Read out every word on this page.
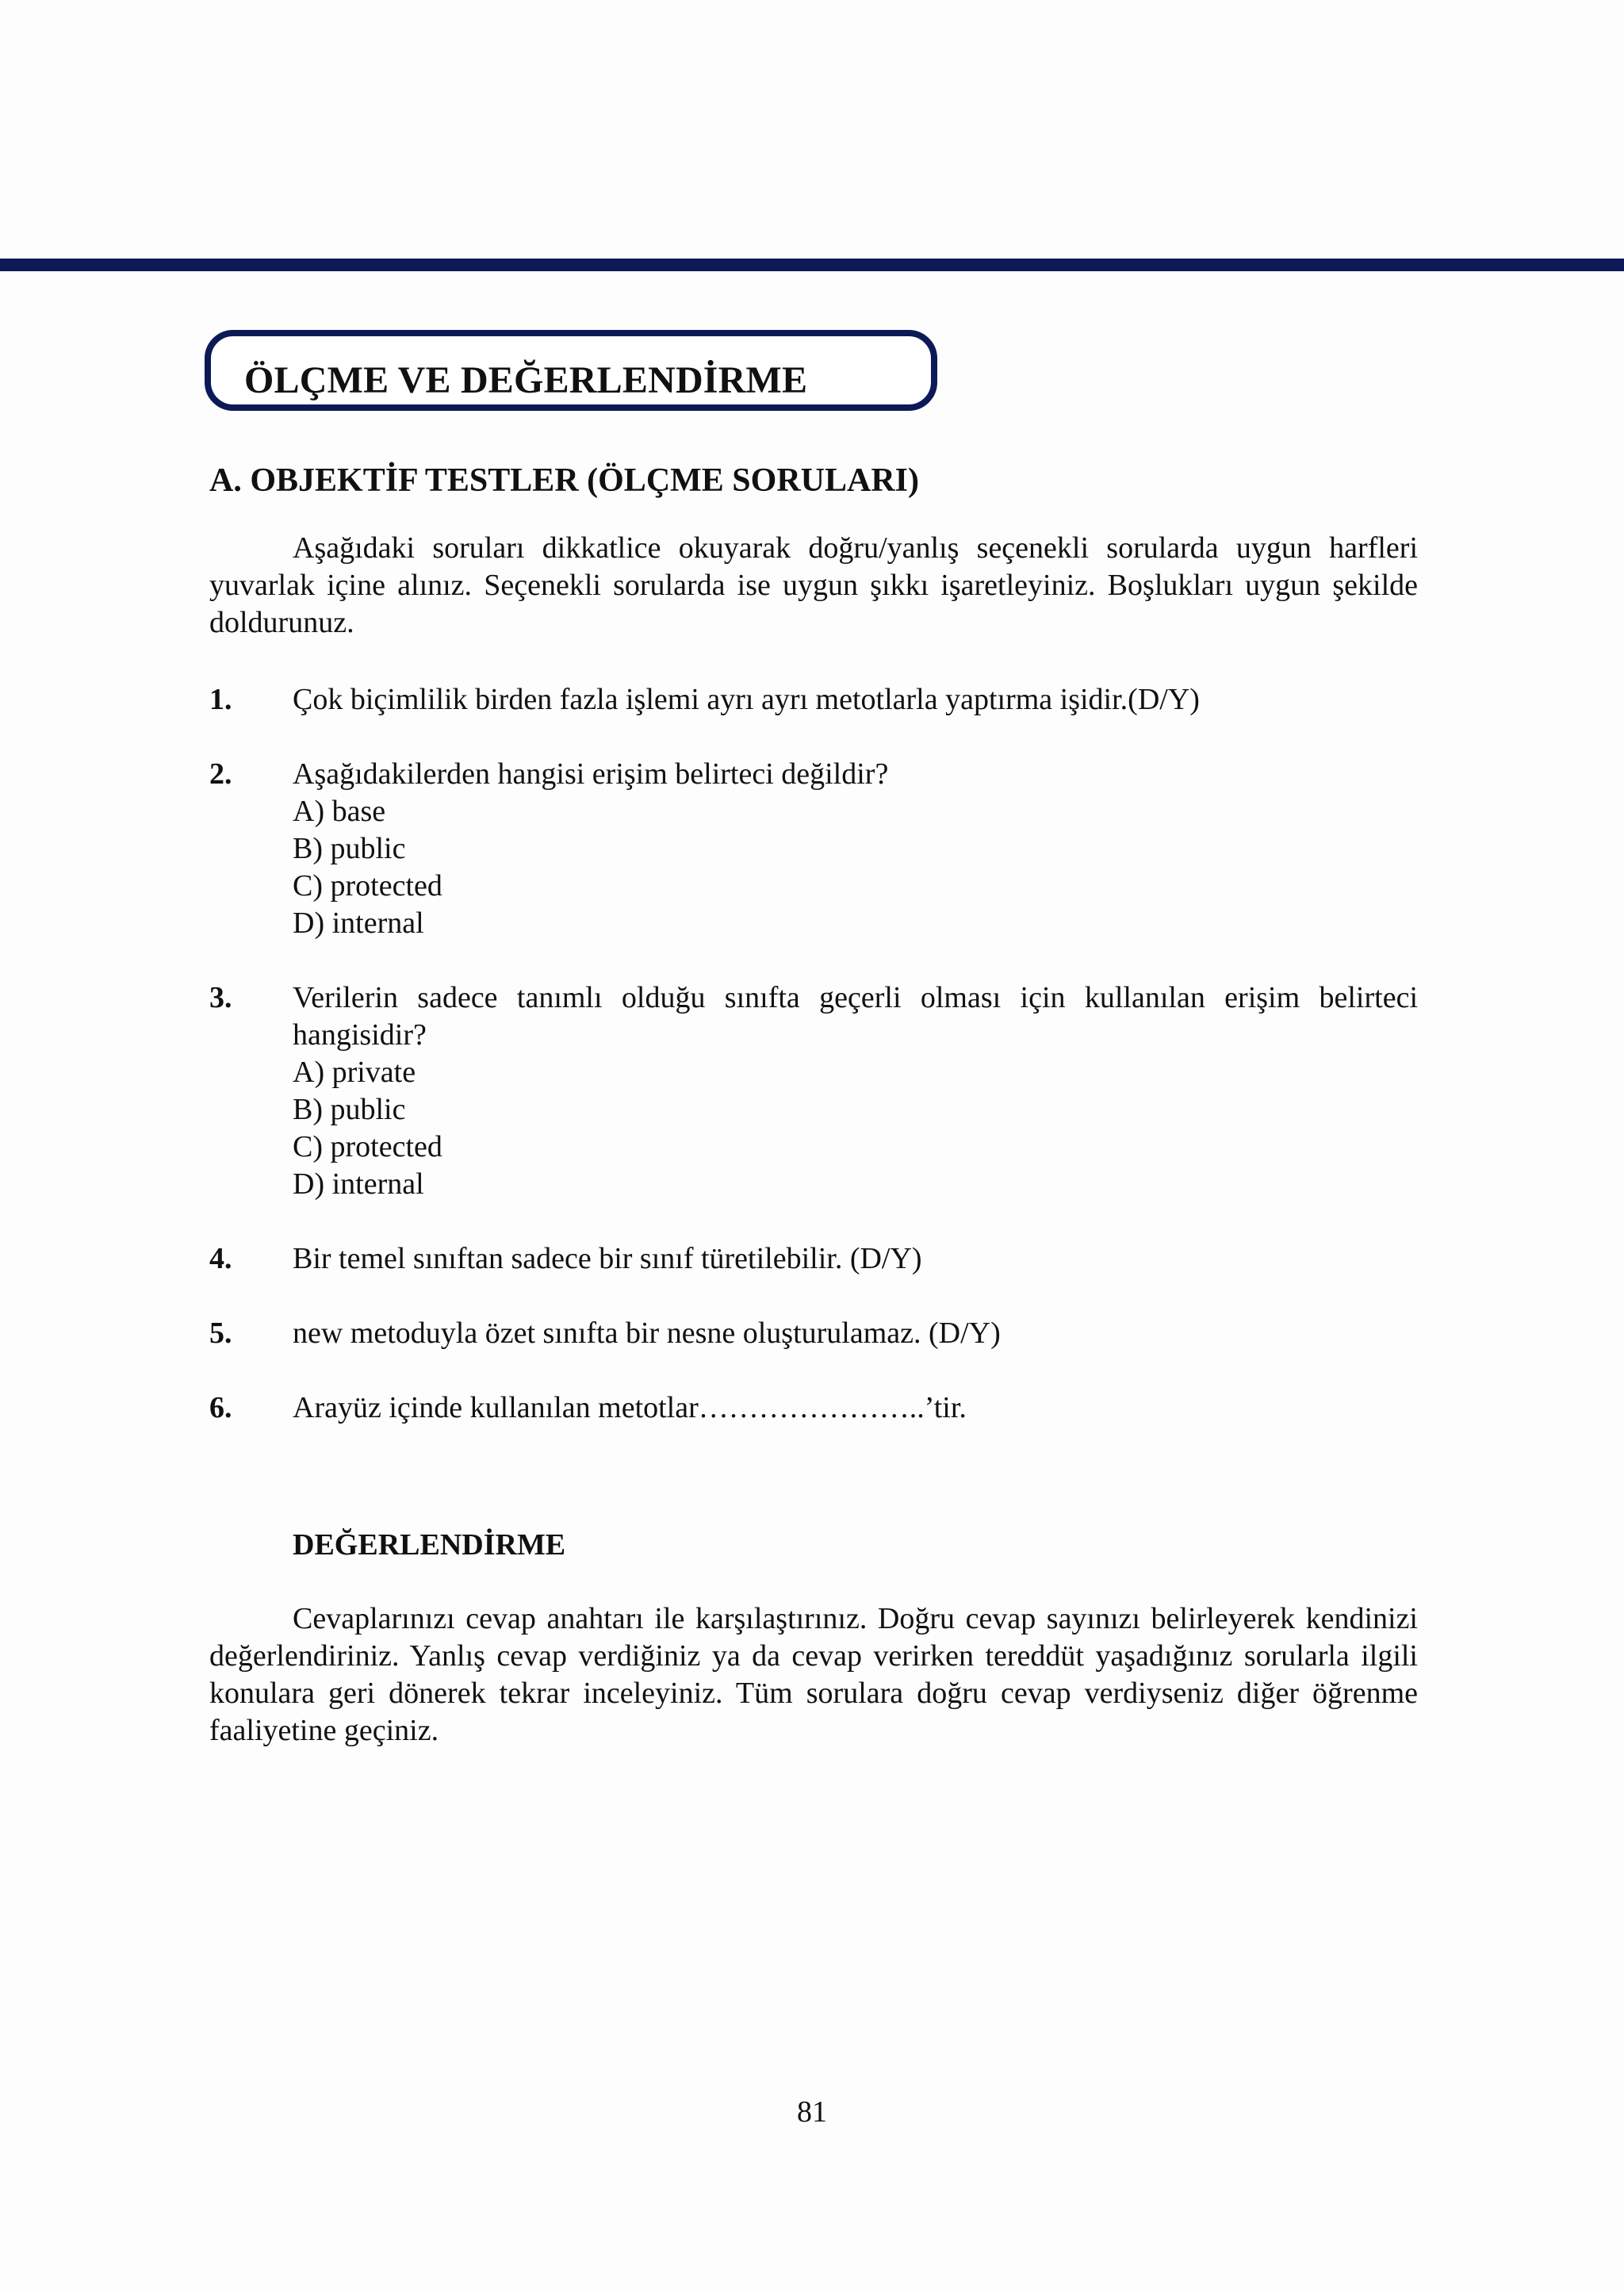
ÖLÇME VE DEĞERLENDİRME
A. OBJEKTİF TESTLER (ÖLÇME SORULARI)

Aşağıdaki soruları dikkatlice okuyarak doğru/yanlış seçenekli sorularda uygun harfleri yuvarlak içine alınız. Seçenekli sorularda ise uygun şıkkı işaretleyiniz. Boşlukları uygun şekilde doldurunuz.

1.	Çok biçimlilik birden fazla işlemi ayrı ayrı metotlarla yaptırma işidir.(D/Y)
2.	Aşağıdakilerden hangisi erişim belirteci değildir?
A) base
B) public
C) protected
D) internal
3.	Verilerin sadece tanımlı olduğu sınıfta geçerli olması için kullanılan erişim belirteci hangisidir?
A) private
B) public
C) protected
D) internal
4.	Bir temel sınıftan sadece bir sınıf türetilebilir. (D/Y)
5.	new metoduyla özet sınıfta bir nesne oluşturulamaz. (D/Y)
6.	Arayüz içinde kullanılan metotlar…………………..’tir.
DEĞERLENDİRME

Cevaplarınızı cevap anahtarı ile karşılaştırınız. Doğru cevap sayınızı belirleyerek kendinizi değerlendiriniz. Yanlış cevap verdiğiniz ya da cevap verirken tereddüt yaşadığınız sorularla ilgili konulara geri dönerek tekrar inceleyiniz. Tüm sorulara doğru cevap verdiyseniz diğer öğrenme faaliyetine geçiniz.

81
